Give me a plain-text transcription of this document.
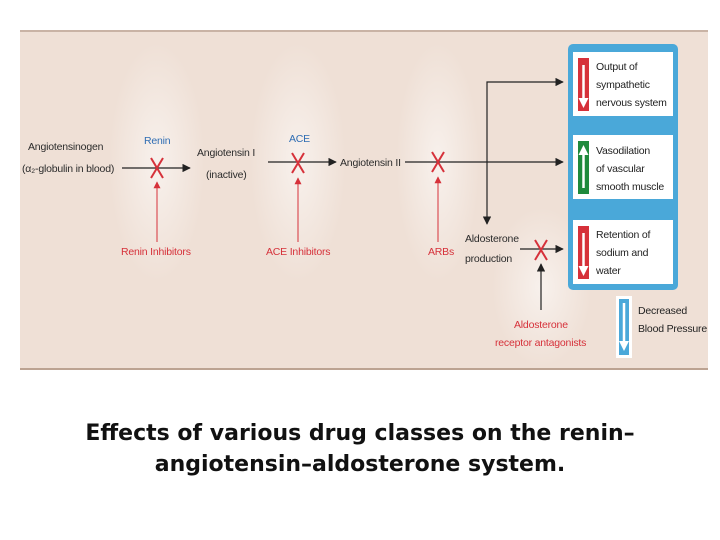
Angiotensinogen
(α₂-globulin in blood)
Renin
Angiotensin I
(inactive)
ACE
Angiotensin II
Aldosterone
production
Renin Inhibitors	ACE Inhibitors	ARBs
Aldosterone
receptor antagonists
Output of
sympathetic
nervous system
Vasodilation
of vascular
smooth muscle
Retention of
sodium and
water
Decreased
Blood Pressure
Effects of various drug classes on the renin–
angiotensin–aldosterone system.
